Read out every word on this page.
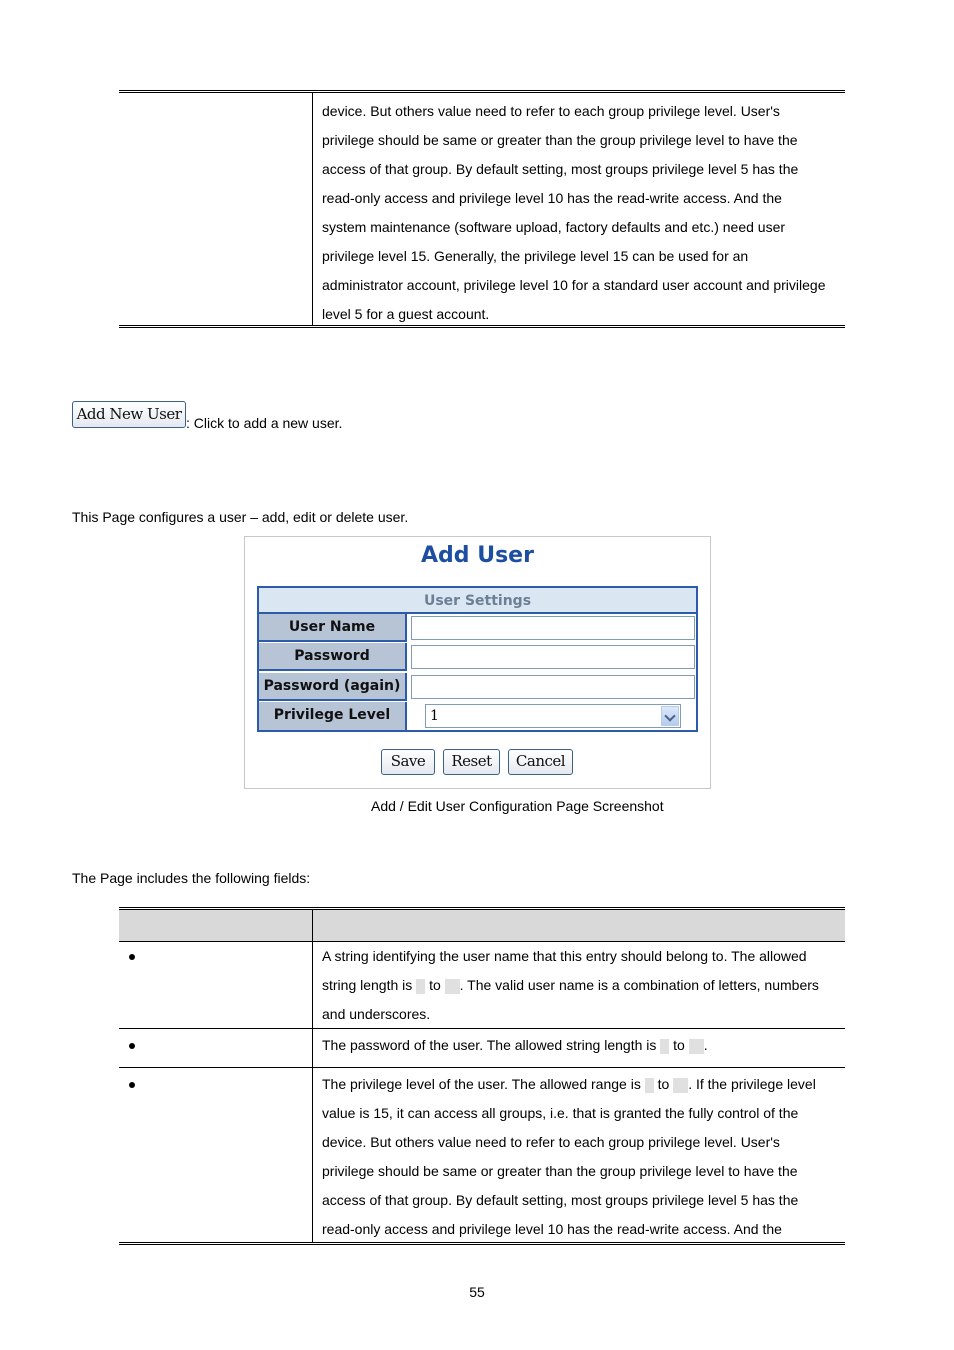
device. But others value need to refer to each group privilege level. User's
privilege should be same or greater than the group privilege level to have the
access of that group. By default setting, most groups privilege level 5 has the
read-only access and privilege level 10 has the read-write access. And the
system maintenance (software upload, factory defaults and etc.) need user
privilege level 15. Generally, the privilege level 15 can be used for an
administrator account, privilege level 10 for a standard user account and privilege
level 5 for a guest account.
Add New User : Click to add a new user.
This Page configures a user – add, edit or delete user.
Add User
User Settings
User Name
Password
Password (again)
Privilege Level	1
Save	Reset	Cancel
Add / Edit User Configuration Page Screenshot
The Page includes the following fields:
A string identifying the user name that this entry should belong to. The allowed
string length is to . The valid user name is a combination of letters, numbers
and underscores.
The password of the user. The allowed string length is to .
The privilege level of the user. The allowed range is to . If the privilege level
value is 15, it can access all groups, i.e. that is granted the fully control of the
device. But others value need to refer to each group privilege level. User's
privilege should be same or greater than the group privilege level to have the
access of that group. By default setting, most groups privilege level 5 has the
read-only access and privilege level 10 has the read-write access. And the
55
